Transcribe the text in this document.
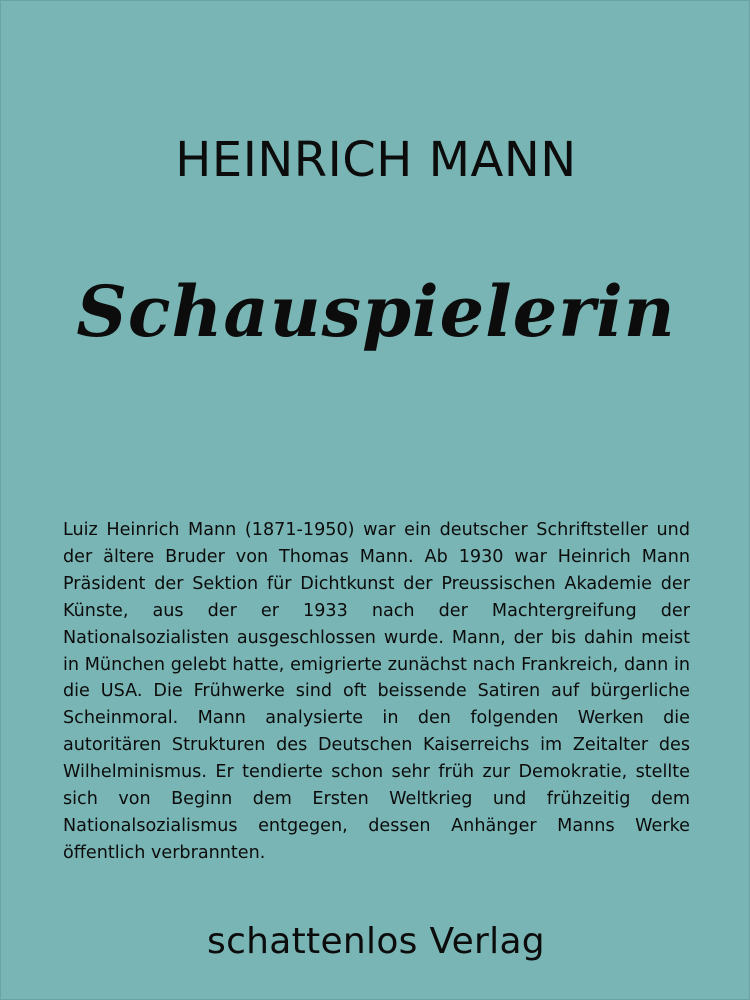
HEINRICH MANN
Schauspielerin

Luiz Heinrich Mann (1871-1950) war ein deutscher Schriftsteller und der ältere Bruder von Thomas Mann. Ab 1930 war Heinrich Mann Präsident der Sektion für Dichtkunst der Preussischen Akademie der Künste, aus der er 1933 nach der Machtergreifung der Nationalsozialisten ausgeschlossen wurde. Mann, der bis dahin meist in München gelebt hatte, emigrierte zunächst nach Frankreich, dann in die USA. Die Frühwerke sind oft beissende Satiren auf bürgerliche Scheinmoral. Mann analysierte in den folgenden Werken die autoritären Strukturen des Deutschen Kaiserreichs im Zeitalter des Wilhelminismus. Er tendierte schon sehr früh zur Demokratie, stellte sich von Beginn dem Ersten Weltkrieg und frühzeitig dem Nationalsozialismus entgegen, dessen Anhänger Manns Werke öffentlich verbrannten.

schattenlos Verlag
